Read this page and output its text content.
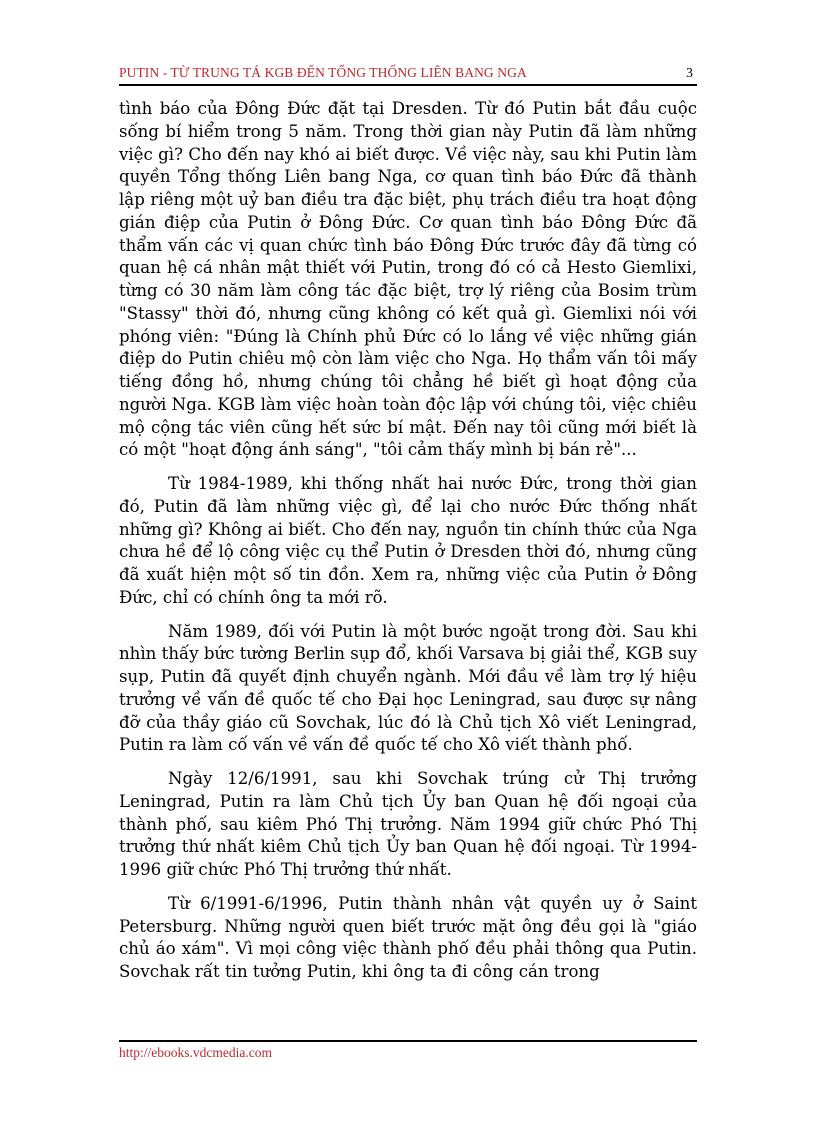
PUTIN - TỪ TRUNG TÁ KGB ĐẾN TỔNG THỐNG LIÊN BANG NGA	3

tình báo của Đông Đức đặt tại Dresden. Từ đó Putin bắt đầu cuộc sống bí hiểm trong 5 năm. Trong thời gian này Putin đã làm những việc gì? Cho đến nay khó ai biết được. Về việc này, sau khi Putin làm quyền Tổng thống Liên bang Nga, cơ quan tình báo Đức đã thành lập riêng một uỷ ban điều tra đặc biệt, phụ trách điều tra hoạt động gián điệp của Putin ở Đông Đức. Cơ quan tình báo Đông Đức đã thẩm vấn các vị quan chức tình báo Đông Đức trước đây đã từng có quan hệ cá nhân mật thiết với Putin, trong đó có cả Hesto Giemlixi, từng có 30 năm làm công tác đặc biệt, trợ lý riêng của Bosim trùm "Stassy" thời đó, nhưng cũng không có kết quả gì. Giemlixi nói với phóng viên: "Đúng là Chính phủ Đức có lo lắng về việc những gián điệp do Putin chiêu mộ còn làm việc cho Nga. Họ thẩm vấn tôi mấy tiếng đồng hồ, nhưng chúng tôi chẳng hề biết gì hoạt động của người Nga. KGB làm việc hoàn toàn độc lập với chúng tôi, việc chiêu mộ cộng tác viên cũng hết sức bí mật. Đến nay tôi cũng mới biết là có một "hoạt động ánh sáng", "tôi cảm thấy mình bị bán rẻ"...

Từ 1984-1989, khi thống nhất hai nước Đức, trong thời gian đó, Putin đã làm những việc gì, để lại cho nước Đức thống nhất những gì? Không ai biết. Cho đến nay, nguồn tin chính thức của Nga chưa hề để lộ công việc cụ thể Putin ở Dresden thời đó, nhưng cũng đã xuất hiện một số tin đồn. Xem ra, những việc của Putin ở Đông Đức, chỉ có chính ông ta mới rõ.

Năm 1989, đối với Putin là một bước ngoặt trong đời. Sau khi nhìn thấy bức tường Berlin sụp đổ, khối Varsava bị giải thể, KGB suy sụp, Putin đã quyết định chuyển ngành. Mới đầu về làm trợ lý hiệu trưởng về vấn đề quốc tế cho Đại học Leningrad, sau được sự nâng đỡ của thầy giáo cũ Sovchak, lúc đó là Chủ tịch Xô viết Leningrad, Putin ra làm cố vấn về vấn đề quốc tế cho Xô viết thành phố.

Ngày 12/6/1991, sau khi Sovchak trúng cử Thị trưởng Leningrad, Putin ra làm Chủ tịch Ủy ban Quan hệ đối ngoại của thành phố, sau kiêm Phó Thị trưởng. Năm 1994 giữ chức Phó Thị trưởng thứ nhất kiêm Chủ tịch Ủy ban Quan hệ đối ngoại. Từ 1994-1996 giữ chức Phó Thị trưởng thứ nhất.

Từ 6/1991-6/1996, Putin thành nhân vật quyền uy ở Saint Petersburg. Những người quen biết trước mặt ông đều gọi là "giáo chủ áo xám". Vì mọi công việc thành phố đều phải thông qua Putin. Sovchak rất tin tưởng Putin, khi ông ta đi công cán trong

http://ebooks.vdcmedia.com
